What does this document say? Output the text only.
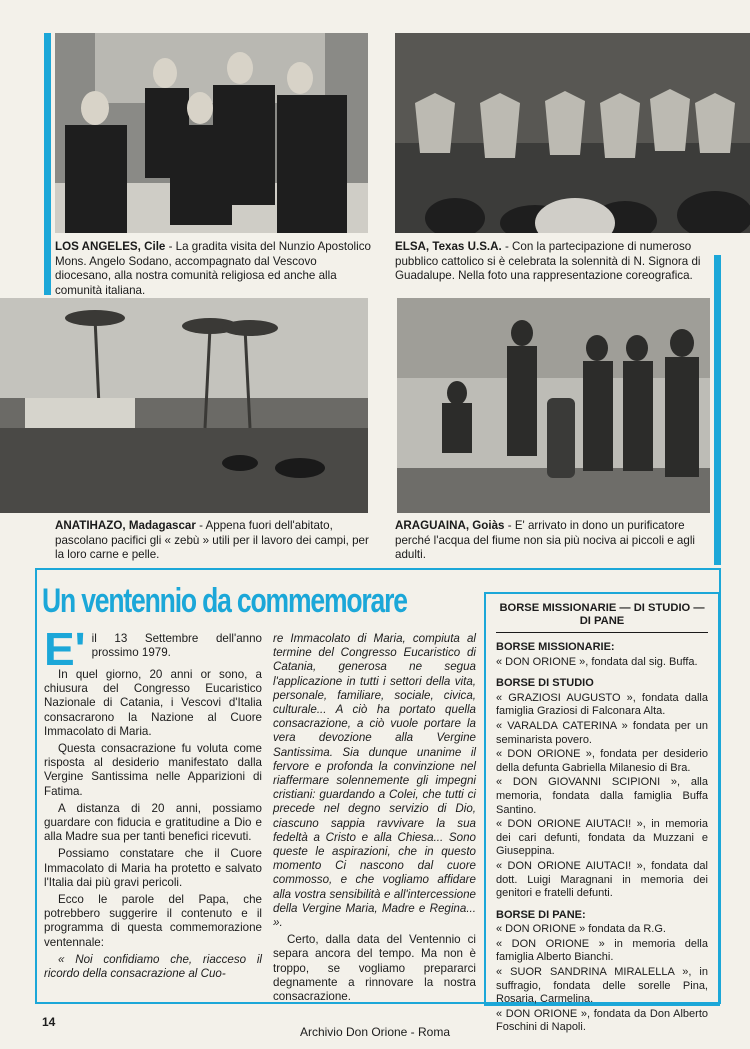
LOS ANGELES, Cile - La gradita visita del Nunzio Apostolico Mons. Angelo Sodano, accompagnato dal Vescovo diocesano, alla nostra comunità religiosa ed anche alla comunità italiana.
ELSA, Texas U.S.A. - Con la partecipazione di numeroso pubblico cattolico si è celebrata la solennità di N. Signora di Guadalupe. Nella foto una rappresentazione coreografica.
ANATIHAZO, Madagascar - Appena fuori dell'abitato, pascolano pacifici gli « zebù » utili per il lavoro dei campi, per la loro carne e pelle.
ARAGUAINA, Goiàs - E' arrivato in dono un purificatore perché l'acqua del fiume non sia più nociva ai piccoli e agli adulti.
Un ventennio da commemorare
E' il 13 Settembre dell'anno prossimo 1979.

In quel giorno, 20 anni or sono, a chiusura del Congresso Eucaristico Nazionale di Catania, i Vescovi d'Italia consacrarono la Nazione al Cuore Immacolato di Maria.

Questa consacrazione fu voluta come risposta al desiderio manifestato dalla Vergine Santissima nelle Apparizioni di Fatima.

A distanza di 20 anni, possiamo guardare con fiducia e gratitudine a Dio e alla Madre sua per tanti benefici ricevuti.

Possiamo constatare che il Cuore Immacolato di Maria ha protetto e salvato l'Italia dai più gravi pericoli.

Ecco le parole del Papa, che potrebbero suggerire il contenuto e il programma di questa commemorazione ventennale:

« Noi confidiamo che, riacceso il ricordo della consacrazione al Cuo-

re Immacolato di Maria, compiuta al termine del Congresso Eucaristico di Catania, generosa ne segua l'applicazione in tutti i settori della vita, personale, familiare, sociale, civica, culturale... A ciò ha portato quella consacrazione, a ciò vuole portare la vera devozione alla Vergine Santissima. Sia dunque unanime il fervore e profonda la convinzione nel riaffermare solennemente gli impegni cristiani: guardando a Colei, che tutti ci precede nel degno servizio di Dio, ciascuno sappia ravvivare la sua fedeltà a Cristo e alla Chiesa... Sono queste le aspirazioni, che in questo momento Ci nascono dal cuore commosso, e che vogliamo affidare alla vostra sensibilità e all'intercessione della Vergine Maria, Madre e Regina... ».

Certo, dalla data del Ventennio ci separa ancora del tempo. Ma non è troppo, se vogliamo prepararci degnamente a rinnovare la nostra consacrazione.

BORSE MISSIONARIE — DI STUDIO — DI PANE
BORSE MISSIONARIE:

« DON ORIONE », fondata dal sig. Buffa.

BORSE DI STUDIO

« GRAZIOSI AUGUSTO », fondata dalla famiglia Graziosi di Falconara Alta.

« VARALDA CATERINA » fondata per un seminarista povero.

« DON ORIONE », fondata per desiderio della defunta Gabriella Milanesio di Bra.

« DON GIOVANNI SCIPIONI », alla memoria, fondata dalla famiglia Buffa Santino.

« DON ORIONE AIUTACI! », in memoria dei cari defunti, fondata da Muzzani e Giuseppina.

« DON ORIONE AIUTACI! », fondata dal dott. Luigi Maragnani in memoria dei genitori e fratelli defunti.

BORSE DI PANE:

« DON ORIONE » fondata da R.G.

« DON ORIONE » in memoria della famiglia Alberto Bianchi.

« SUOR SANDRINA MIRALELLA », in suffragio, fondata delle sorelle Pina, Rosaria, Carmelina.

« DON ORIONE », fondata da Don Alberto Foschini di Napoli.

14
Archivio Don Orione - Roma
